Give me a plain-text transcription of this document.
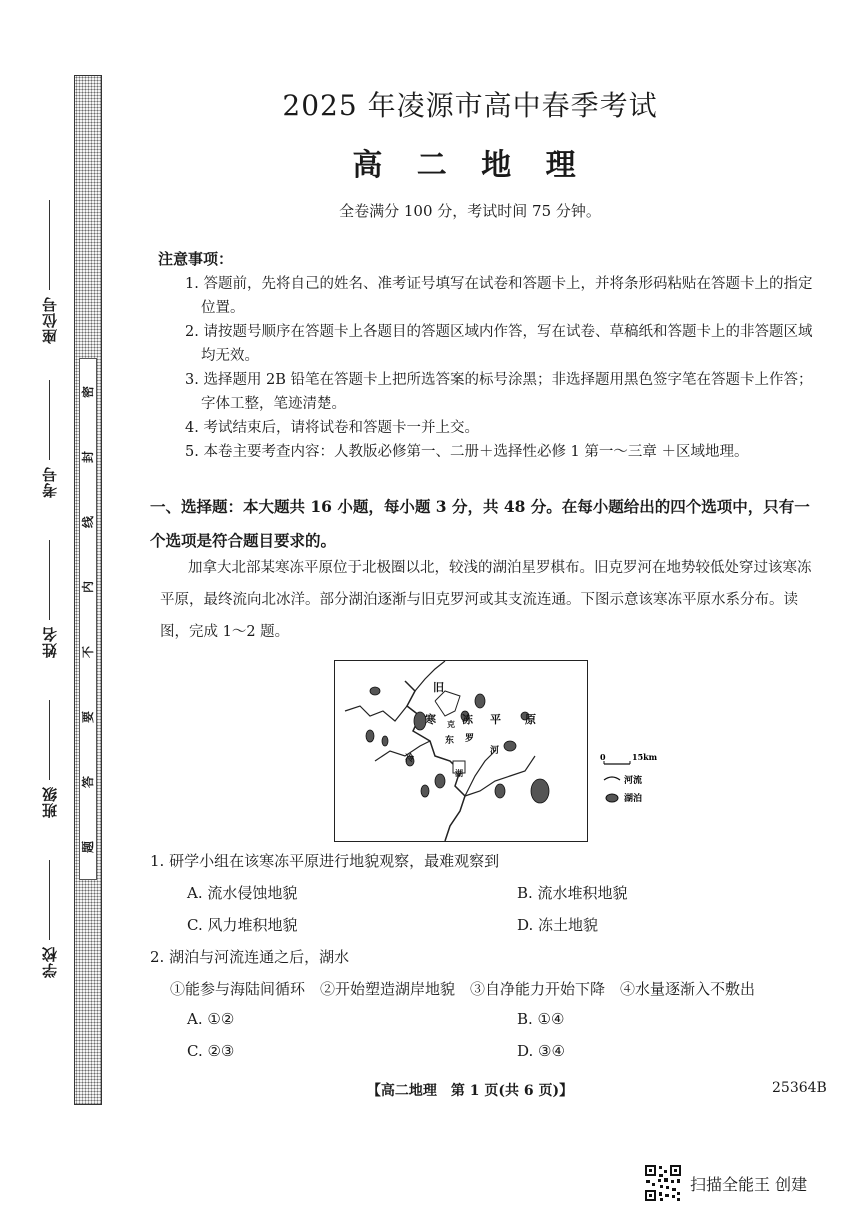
密
封
线
内
不
要
答
题
座位号
考号
姓名
班级
学校
2025 年凌源市高中春季考试
高 二 地 理
全卷满分 100 分，考试时间 75 分钟。
注意事项：
1. 答题前，先将自己的姓名、准考证号填写在试卷和答题卡上，并将条形码粘贴在答题卡上的指定位置。
2. 请按题号顺序在答题卡上各题目的答题区域内作答，写在试卷、草稿纸和答题卡上的非答题区域均无效。
3. 选择题用 2B 铅笔在答题卡上把所选答案的标号涂黑；非选择题用黑色签字笔在答题卡上作答；字体工整，笔迹清楚。
4. 考试结束后，请将试卷和答题卡一并上交。
5. 本卷主要考查内容：人教版必修第一、二册＋选择性必修 1 第一～三章 ＋区域地理。
一、选择题：本大题共 16 小题，每小题 3 分，共 48 分。在每小题给出的四个选项中，只有一个选项是符合题目要求的。
加拿大北部某寒冻平原位于北极圈以北，较浅的湖泊星罗棋布。旧克罗河在地势较低处穿过该寒冻平原，最终流向北冰洋。部分湖泊逐渐与旧克罗河或其支流连通。下图示意该寒冻平原水系分布。读图，完成 1～2 题。
旧
寒 冻
克	平 原
罗
河
冷
湖
东
0	15km
河流
湖泊
1. 研学小组在该寒冻平原进行地貌观察，最难观察到
A. 流水侵蚀地貌	B. 流水堆积地貌
C. 风力堆积地貌	D. 冻土地貌
2. 湖泊与河流连通之后，湖水
①能参与海陆间循环　②开始塑造湖岸地貌　③自净能力开始下降　④水量逐渐入不敷出
A. ①②	B. ①④
C. ②③	D. ③④
【高二地理　第 1 页(共 6 页)】	25364B
扫描全能王 创建
